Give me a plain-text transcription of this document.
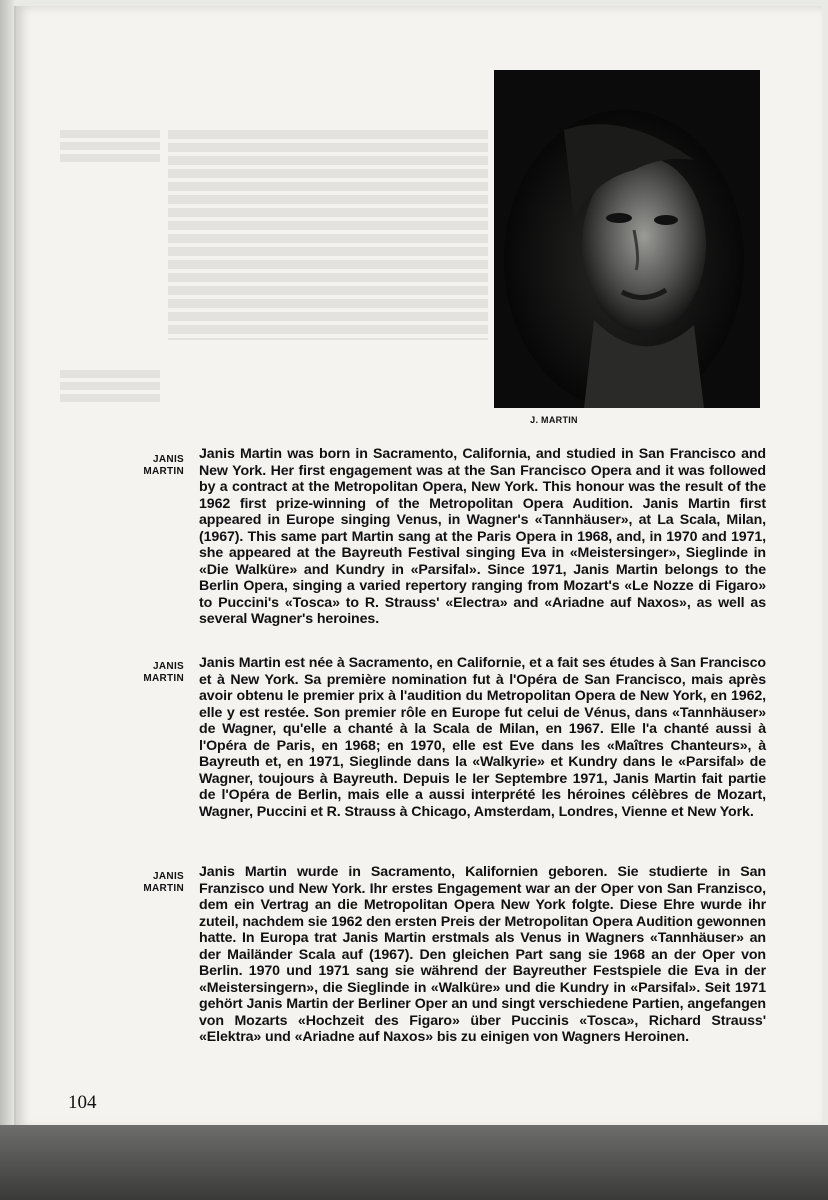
J. MARTIN
JANIS
MARTIN
Janis Martin was born in Sacramento, California, and studied in San Francisco and New York. Her first engagement was at the San Francisco Opera and it was followed by a contract at the Metropolitan Opera, New York. This honour was the result of the 1962 first prize-winning of the Metropolitan Opera Audition. Janis Martin first appeared in Europe singing Venus, in Wagner's «Tannhäuser», at La Scala, Milan, (1967). This same part Martin sang at the Paris Opera in 1968, and, in 1970 and 1971, she appeared at the Bayreuth Festival singing Eva in «Meistersinger», Sieglinde in «Die Walküre» and Kundry in «Parsifal». Since 1971, Janis Martin belongs to the Berlin Opera, singing a varied repertory ranging from Mozart's «Le Nozze di Figaro» to Puccini's «Tosca» to R. Strauss' «Electra» and «Ariadne auf Naxos», as well as several Wagner's heroines.
JANIS
MARTIN
Janis Martin est née à Sacramento, en Californie, et a fait ses études à San Francisco et à New York. Sa première nomination fut à l'Opéra de San Francisco, mais après avoir obtenu le premier prix à l'audition du Metropolitan Opera de New York, en 1962, elle y est restée. Son premier rôle en Europe fut celui de Vénus, dans «Tannhäuser» de Wagner, qu'elle a chanté à la Scala de Milan, en 1967. Elle l'a chanté aussi à l'Opéra de Paris, en 1968; en 1970, elle est Eve dans les «Maîtres Chanteurs», à Bayreuth et, en 1971, Sieglinde dans la «Walkyrie» et Kundry dans le «Parsifal» de Wagner, toujours à Bayreuth. Depuis le Ier Septembre 1971, Janis Martin fait partie de l'Opéra de Berlin, mais elle a aussi interprété les héroines célèbres de Mozart, Wagner, Puccini et R. Strauss à Chicago, Amsterdam, Londres, Vienne et New York.
JANIS
MARTIN
Janis Martin wurde in Sacramento, Kalifornien geboren. Sie studierte in San Franzisco und New York. Ihr erstes Engagement war an der Oper von San Franzisco, dem ein Vertrag an die Metropolitan Opera New York folgte. Diese Ehre wurde ihr zuteil, nachdem sie 1962 den ersten Preis der Metropolitan Opera Audition gewonnen hatte. In Europa trat Janis Martin erstmals als Venus in Wagners «Tannhäuser» an der Mailänder Scala auf (1967). Den gleichen Part sang sie 1968 an der Oper von Berlin. 1970 und 1971 sang sie während der Bayreuther Festspiele die Eva in der «Meistersingern», die Sieglinde in «Walküre» und die Kundry in «Parsifal». Seit 1971 gehört Janis Martin der Berliner Oper an und singt verschiedene Partien, angefangen von Mozarts «Hochzeit des Figaro» über Puccinis «Tosca», Richard Strauss' «Elektra» und «Ariadne auf Naxos» bis zu einigen von Wagners Heroinen.
104
